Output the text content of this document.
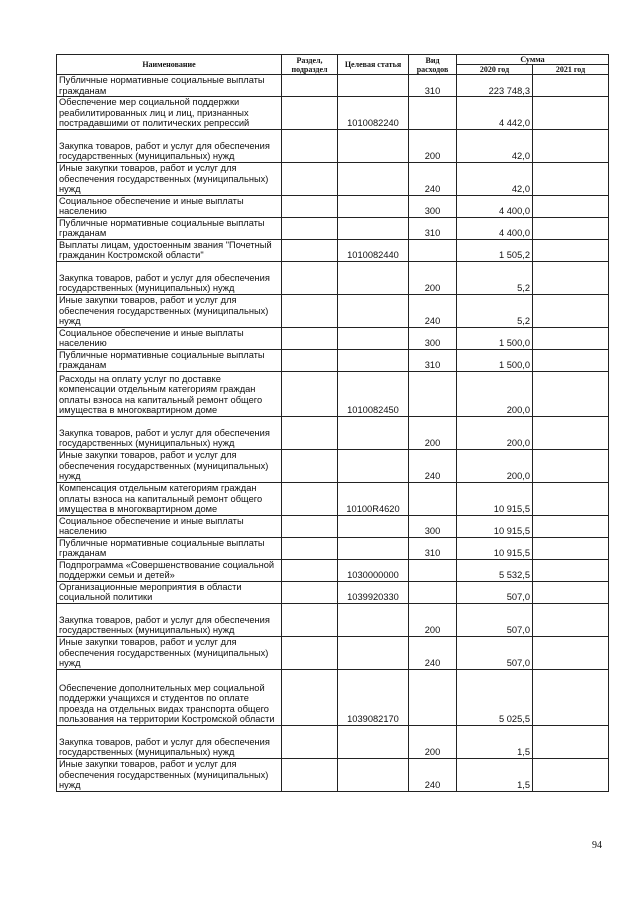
Наименование	Раздел, подраздел	Целевая статья	Вид расходов	Сумма	
				2020 год	2021 год
Публичные нормативные социальные выплаты гражданам			310	223 748,3	
Обеспечение мер социальной поддержки реабилитированных лиц и лиц, признанных пострадавшими от политических репрессий		1010082240		4 442,0	
Закупка товаров, работ и услуг для обеспечения государственных (муниципальных) нужд			200	42,0	
Иные закупки товаров, работ и услуг для обеспечения государственных (муниципальных) нужд			240	42,0	
Социальное обеспечение и иные выплаты населению			300	4 400,0	
Публичные нормативные социальные выплаты гражданам			310	4 400,0	
Выплаты лицам, удостоенным звания "Почетный гражданин Костромской области"		1010082440		1 505,2	
Закупка товаров, работ и услуг для обеспечения государственных (муниципальных) нужд			200	5,2	
Иные закупки товаров, работ и услуг для обеспечения государственных (муниципальных) нужд			240	5,2	
Социальное обеспечение и иные выплаты населению			300	1 500,0	
Публичные нормативные социальные выплаты гражданам			310	1 500,0	
Расходы на оплату услуг по доставке компенсации отдельным категориям граждан оплаты взноса на капитальный ремонт общего имущества в многоквартирном доме		1010082450		200,0	
Закупка товаров, работ и услуг для обеспечения государственных (муниципальных) нужд			200	200,0	
Иные закупки товаров, работ и услуг для обеспечения государственных (муниципальных) нужд			240	200,0	
Компенсация отдельным категориям граждан оплаты взноса на капитальный ремонт общего имущества в многоквартирном доме		10100R4620		10 915,5	
Социальное обеспечение и иные выплаты населению			300	10 915,5	
Публичные нормативные социальные выплаты гражданам			310	10 915,5	
Подпрограмма «Совершенствование социальной поддержки семьи и детей»		1030000000		5 532,5	
Организационные мероприятия в области социальной политики		1039920330		507,0	
Закупка товаров, работ и услуг для обеспечения государственных (муниципальных) нужд			200	507,0	
Иные закупки товаров, работ и услуг для обеспечения государственных (муниципальных) нужд			240	507,0	
Обеспечение дополнительных мер социальной поддержки учащихся и студентов по оплате проезда на отдельных видах транспорта общего пользования на территории Костромской области		1039082170		5 025,5	
Закупка товаров, работ и услуг для обеспечения государственных (муниципальных) нужд			200	1,5	
Иные закупки товаров, работ и услуг для обеспечения государственных (муниципальных) нужд			240	1,5	
94
